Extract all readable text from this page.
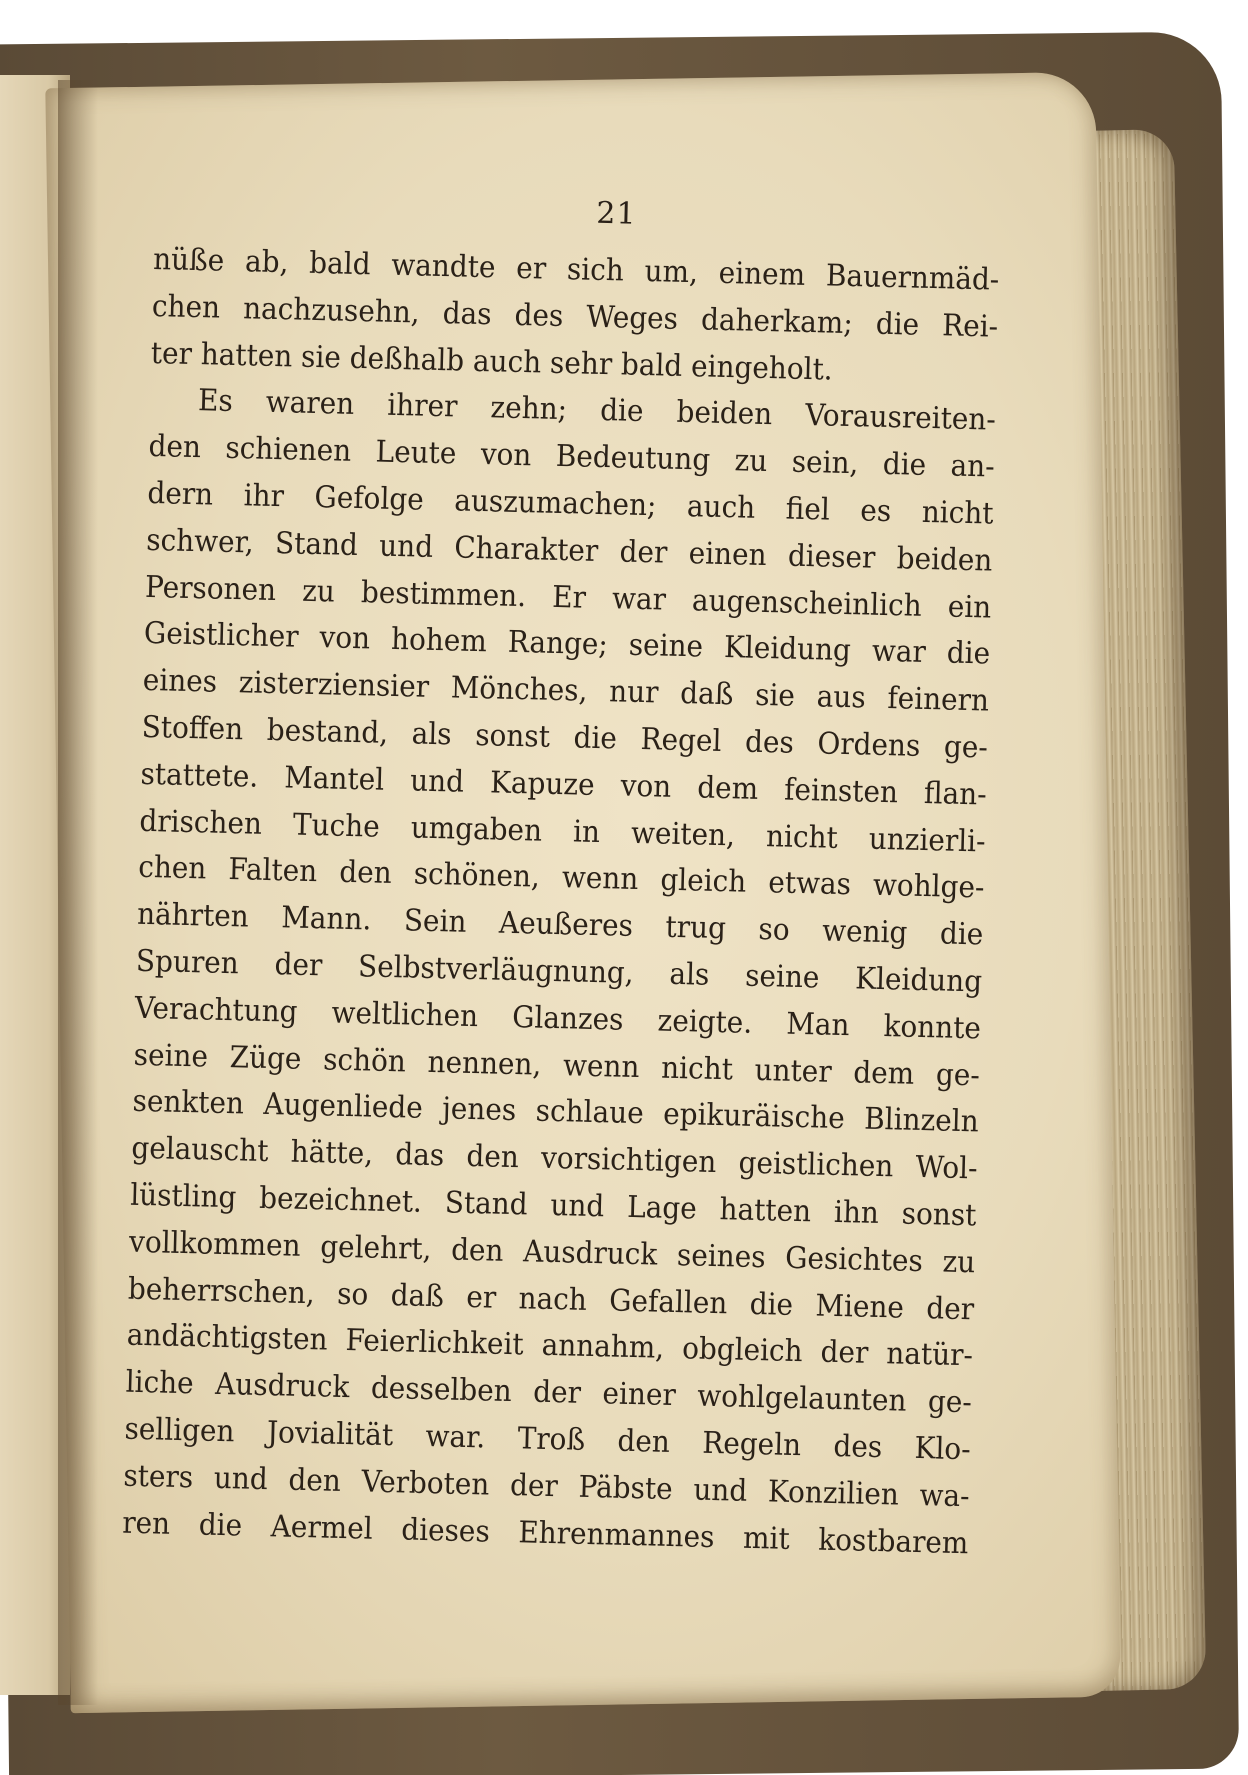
21
nüße ab, bald wandte er sich um, einem Bauernmäd-
chen nachzusehn, das des Weges daherkam; die Rei-
ter hatten sie deßhalb auch sehr bald eingeholt.
Es waren ihrer zehn; die beiden Vorausreiten-
den schienen Leute von Bedeutung zu sein, die an-
dern ihr Gefolge auszumachen; auch fiel es nicht
schwer, Stand und Charakter der einen dieser beiden
Personen zu bestimmen. Er war augenscheinlich ein
Geistlicher von hohem Range; seine Kleidung war die
eines zisterziensier Mönches, nur daß sie aus feinern
Stoffen bestand, als sonst die Regel des Ordens ge-
stattete. Mantel und Kapuze von dem feinsten flan-
drischen Tuche umgaben in weiten, nicht unzierli-
chen Falten den schönen, wenn gleich etwas wohlge-
nährten Mann. Sein Aeußeres trug so wenig die
Spuren der Selbstverläugnung, als seine Kleidung
Verachtung weltlichen Glanzes zeigte. Man konnte
seine Züge schön nennen, wenn nicht unter dem ge-
senkten Augenliede jenes schlaue epikuräische Blinzeln
gelauscht hätte, das den vorsichtigen geistlichen Wol-
lüstling bezeichnet. Stand und Lage hatten ihn sonst
vollkommen gelehrt, den Ausdruck seines Gesichtes zu
beherrschen, so daß er nach Gefallen die Miene der
andächtigsten Feierlichkeit annahm, obgleich der natür-
liche Ausdruck desselben der einer wohlgelaunten ge-
selligen Jovialität war. Troß den Regeln des Klo-
sters und den Verboten der Päbste und Konzilien wa-
ren die Aermel dieses Ehrenmannes mit kostbarem
